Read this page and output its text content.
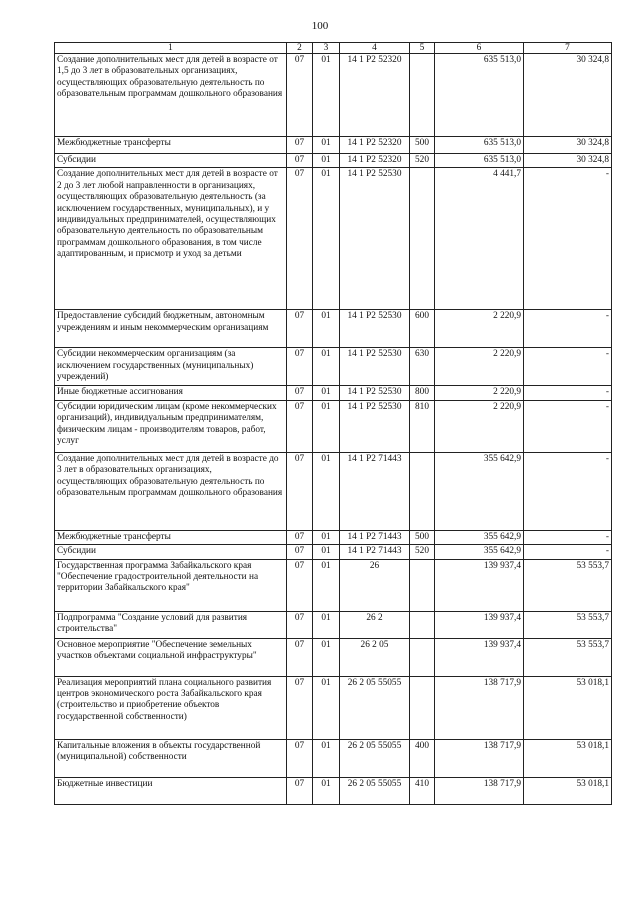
100
1	2	3	4	5	6	7
Создание дополнительных мест для детей в возрасте от 1,5 до 3 лет в образовательных организациях, осуществляющих образовательную деятельность по образовательным программам дошкольного образования	07	01	14 1 Р2 52320		635 513,0	30 324,8
Межбюджетные трансферты	07	01	14 1 Р2 52320	500	635 513,0	30 324,8
Субсидии	07	01	14 1 Р2 52320	520	635 513,0	30 324,8
Создание дополнительных мест для детей в возрасте от 2 до 3 лет любой направленности в организациях, осуществляющих образовательную деятельность (за исключением государственных, муниципальных), и у индивидуальных предпринимателей, осуществляющих образовательную деятельность по образовательным программам дошкольного образования, в том числе адаптированным, и присмотр и уход за детьми	07	01	14 1 Р2 52530		4 441,7	-
Предоставление субсидий бюджетным, автономным учреждениям и иным некоммерческим организациям	07	01	14 1 Р2 52530	600	2 220,9	-
Субсидии некоммерческим организациям (за исключением государственных (муниципальных) учреждений)	07	01	14 1 Р2 52530	630	2 220,9	-
Иные бюджетные ассигнования	07	01	14 1 Р2 52530	800	2 220,9	-
Субсидии юридическим лицам (кроме некоммерческих организаций), индивидуальным предпринимателям, физическим лицам - производителям товаров, работ, услуг	07	01	14 1 Р2 52530	810	2 220,9	-
Создание дополнительных мест для детей в возрасте до 3 лет в образовательных организациях, осуществляющих образовательную деятельность по образовательным программам дошкольного образования	07	01	14 1 Р2 71443		355 642,9	-
Межбюджетные трансферты	07	01	14 1 Р2 71443	500	355 642,9	-
Субсидии	07	01	14 1 Р2 71443	520	355 642,9	-
Государственная программа Забайкальского края "Обеспечение градостроительной деятельности на территории Забайкальского края"	07	01	26		139 937,4	53 553,7
Подпрограмма "Создание условий для развития строительства"	07	01	26 2		139 937,4	53 553,7
Основное мероприятие "Обеспечение земельных участков объектами социальной инфраструктуры"	07	01	26 2 05		139 937,4	53 553,7
Реализация мероприятий плана социального развития центров экономического роста Забайкальского края (строительство и приобретение объектов государственной собственности)	07	01	26 2 05 55055		138 717,9	53 018,1
Капитальные вложения в объекты государственной (муниципальной) собственности	07	01	26 2 05 55055	400	138 717,9	53 018,1
Бюджетные инвестиции	07	01	26 2 05 55055	410	138 717,9	53 018,1
